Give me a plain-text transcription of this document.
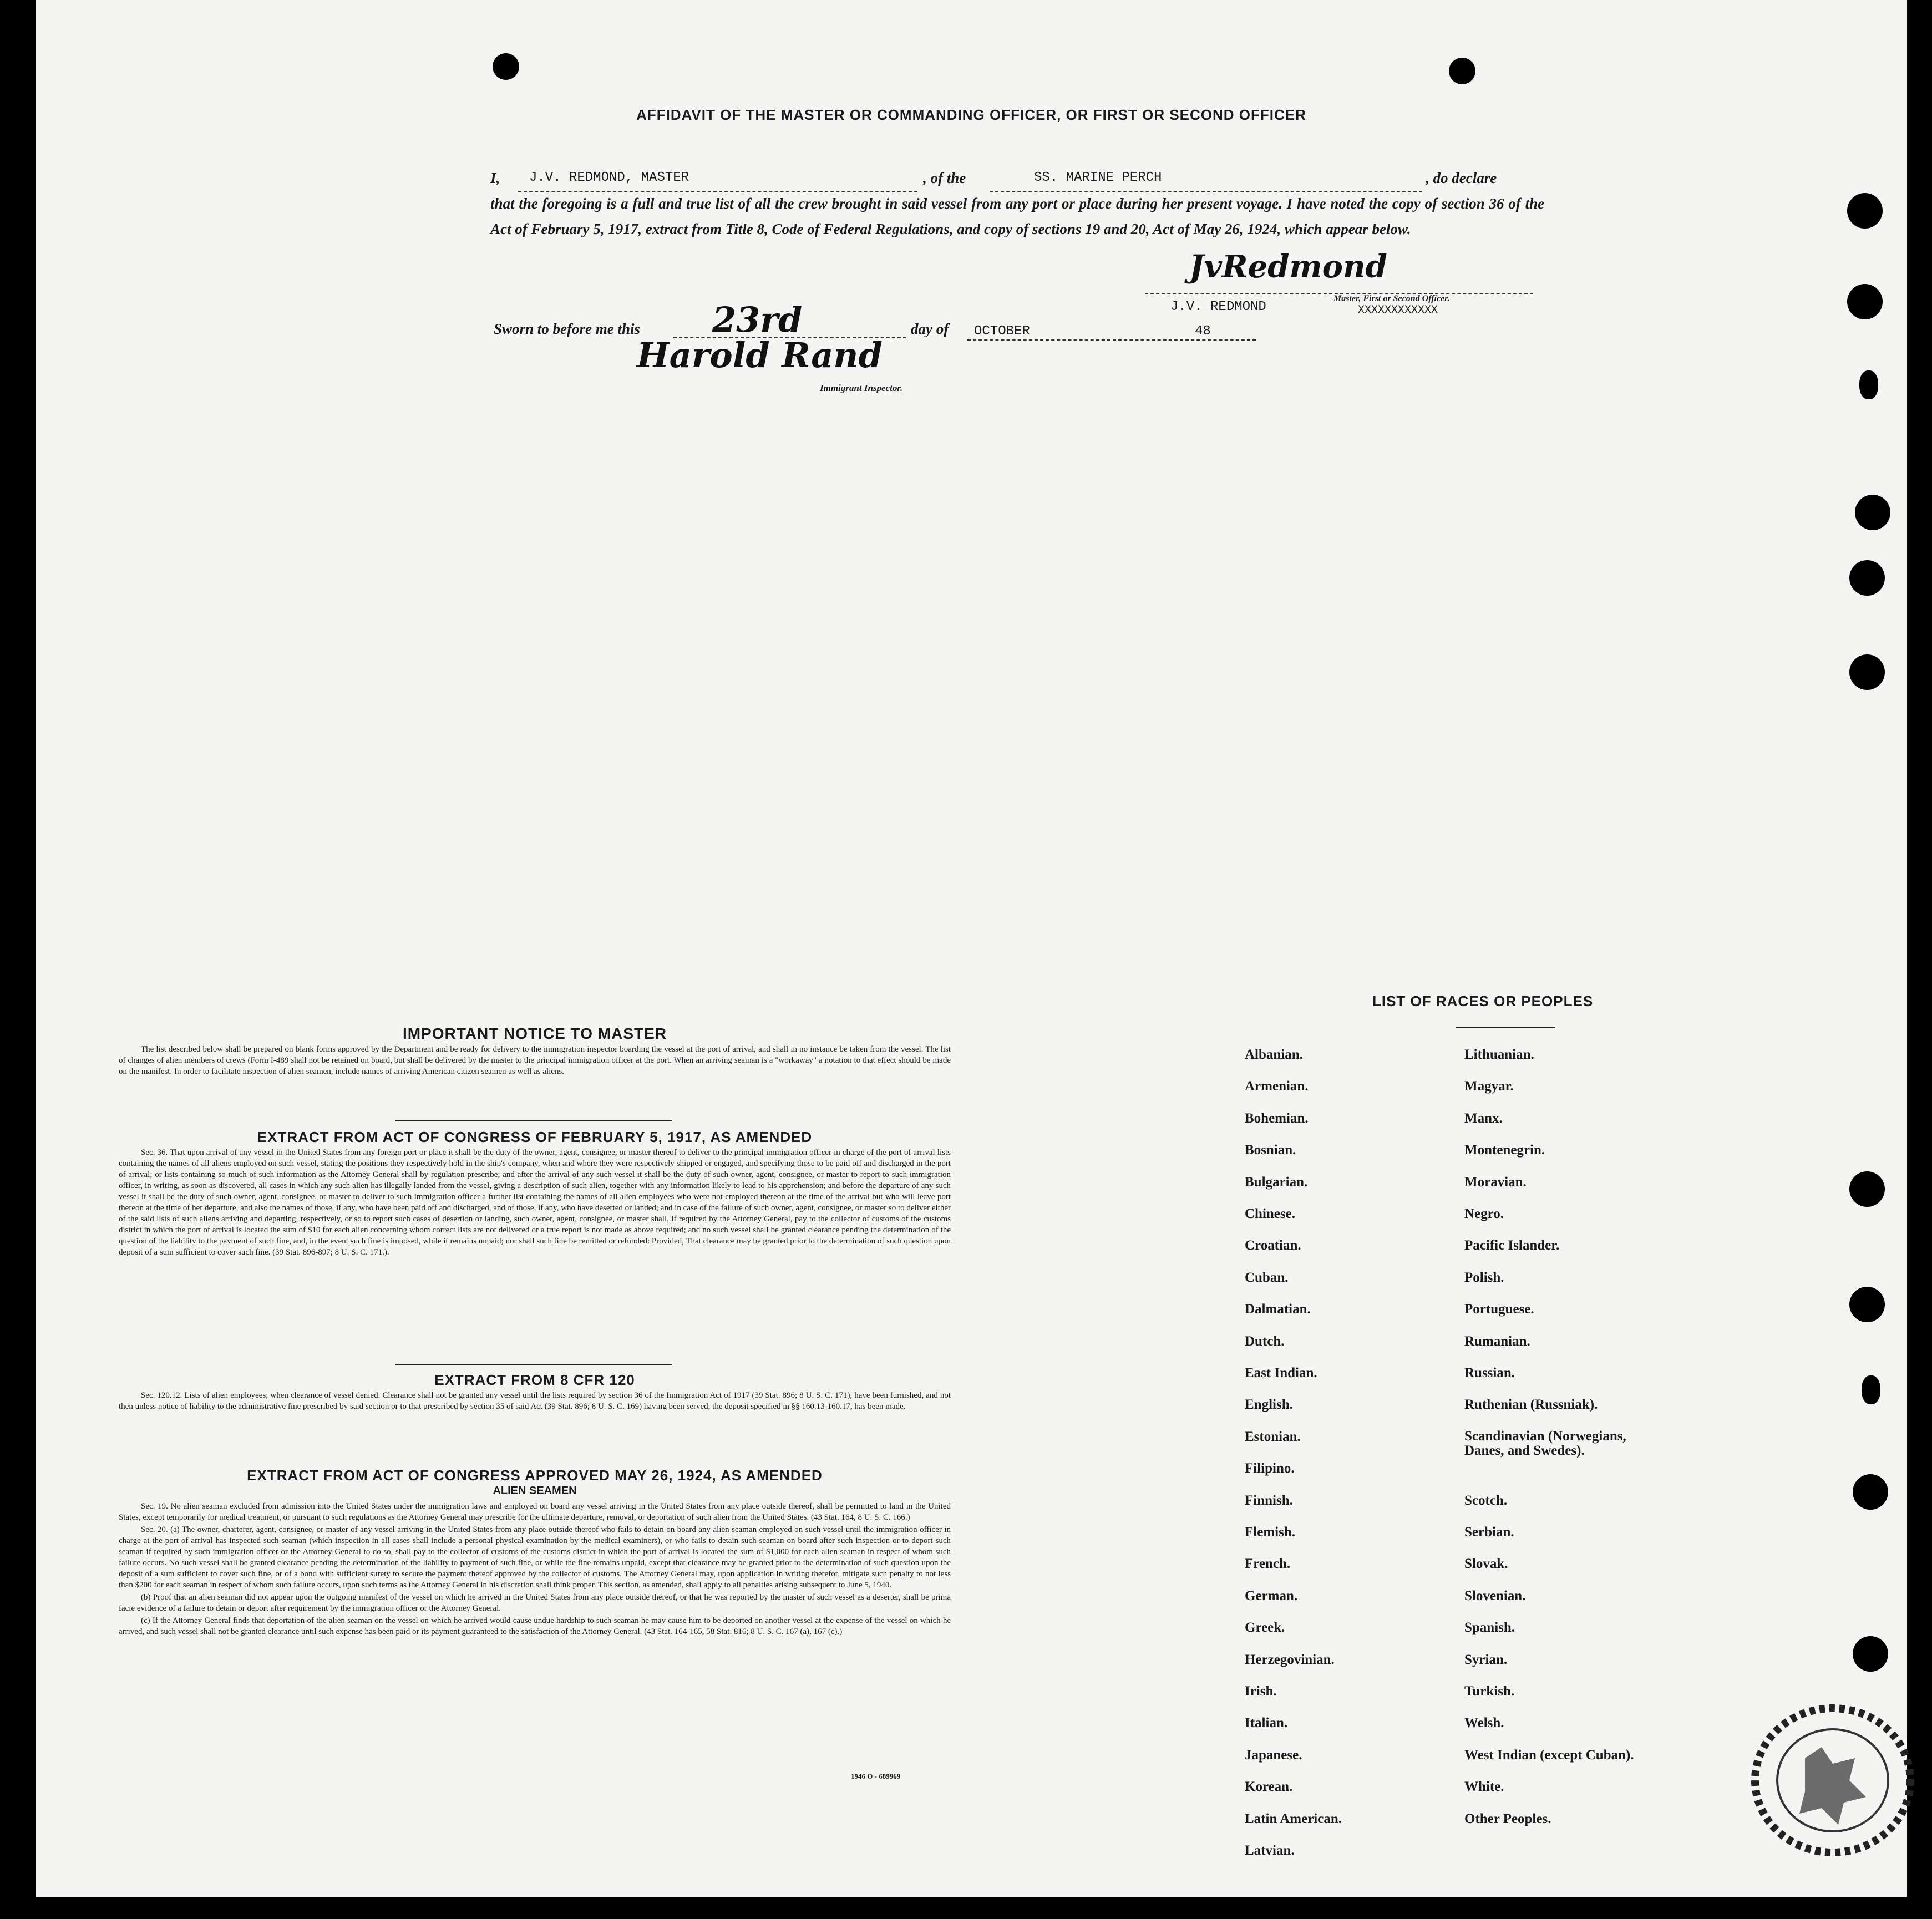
AFFIDAVIT OF THE MASTER OR COMMANDING OFFICER, OR FIRST OR SECOND OFFICER
I,	J.V. REDMOND, MASTER	, of the	SS. MARINE PERCH	, do declare
that the foregoing is a full and true list of all the crew brought in said vessel from any port or place during her present voyage. I have noted the copy of section 36 of the Act of February 5, 1917, extract from Title 8, Code of Federal Regulations, and copy of sections 19 and 20, Act of May 26, 1924, which appear below.
JvRedmond
J.V. REDMOND
Master, First or Second Officer.
XXXXXXXXXXXX
Sworn to before me this 23rd	day of OCTOBER	48
Harold Rand
Immigrant Inspector.
IMPORTANT NOTICE TO MASTER

The list described below shall be prepared on blank forms approved by the Department and be ready for delivery to the immigration inspector boarding the vessel at the port of arrival, and shall in no instance be taken from the vessel. The list of changes of alien members of crews (Form I-489 shall not be retained on board, but shall be delivered by the master to the principal immigration officer at the port. When an arriving seaman is a "workaway" a notation to that effect should be made on the manifest. In order to facilitate inspection of alien seamen, include names of arriving American citizen seamen as well as aliens.

EXTRACT FROM ACT OF CONGRESS OF FEBRUARY 5, 1917, AS AMENDED

Sec. 36. That upon arrival of any vessel in the United States from any foreign port or place it shall be the duty of the owner, agent, consignee, or master thereof to deliver to the principal immigration officer in charge of the port of arrival lists containing the names of all aliens employed on such vessel, stating the positions they respectively hold in the ship's company, when and where they were respectively shipped or engaged, and specifying those to be paid off and discharged in the port of arrival; or lists containing so much of such information as the Attorney General shall by regulation prescribe; and after the arrival of any such vessel it shall be the duty of such owner, agent, consignee, or master to report to such immigration officer, in writing, as soon as discovered, all cases in which any such alien has illegally landed from the vessel, giving a description of such alien, together with any information likely to lead to his apprehension; and before the departure of any such vessel it shall be the duty of such owner, agent, consignee, or master to deliver to such immigration officer a further list containing the names of all alien employees who were not employed thereon at the time of the arrival but who will leave port thereon at the time of her departure, and also the names of those, if any, who have been paid off and discharged, and of those, if any, who have deserted or landed; and in case of the failure of such owner, agent, consignee, or master so to deliver either of the said lists of such aliens arriving and departing, respectively, or so to report such cases of desertion or landing, such owner, agent, consignee, or master shall, if required by the Attorney General, pay to the collector of customs of the customs district in which the port of arrival is located the sum of $10 for each alien concerning whom correct lists are not delivered or a true report is not made as above required; and no such vessel shall be granted clearance pending the determination of the question of the liability to the payment of such fine, and, in the event such fine is imposed, while it remains unpaid; nor shall such fine be remitted or refunded: Provided, That clearance may be granted prior to the determination of such question upon deposit of a sum sufficient to cover such fine. (39 Stat. 896-897; 8 U. S. C. 171.).

EXTRACT FROM 8 CFR 120

Sec. 120.12. Lists of alien employees; when clearance of vessel denied. Clearance shall not be granted any vessel until the lists required by section 36 of the Immigration Act of 1917 (39 Stat. 896; 8 U. S. C. 171), have been furnished, and not then unless notice of liability to the administrative fine prescribed by said section or to that prescribed by section 35 of said Act (39 Stat. 896; 8 U. S. C. 169) having been served, the deposit specified in §§ 160.13-160.17, has been made.

EXTRACT FROM ACT OF CONGRESS APPROVED MAY 26, 1924, AS AMENDED
ALIEN SEAMEN

Sec. 19. No alien seaman excluded from admission into the United States under the immigration laws and employed on board any vessel arriving in the United States from any place outside thereof, shall be permitted to land in the United States, except temporarily for medical treatment, or pursuant to such regulations as the Attorney General may prescribe for the ultimate departure, removal, or deportation of such alien from the United States. (43 Stat. 164, 8 U. S. C. 166.)

Sec. 20. (a) The owner, charterer, agent, consignee, or master of any vessel arriving in the United States from any place outside thereof who fails to detain on board any alien seaman employed on such vessel until the immigration officer in charge at the port of arrival has inspected such seaman (which inspection in all cases shall include a personal physical examination by the medical examiners), or who fails to detain such seaman on board after such inspection or to deport such seaman if required by such immigration officer or the Attorney General to do so, shall pay to the collector of customs of the customs district in which the port of arrival is located the sum of $1,000 for each alien seaman in respect of whom such failure occurs. No such vessel shall be granted clearance pending the determination of the liability to payment of such fine, or while the fine remains unpaid, except that clearance may be granted prior to the determination of such question upon the deposit of a sum sufficient to cover such fine, or of a bond with sufficient surety to secure the payment thereof approved by the collector of customs. The Attorney General may, upon application in writing therefor, mitigate such penalty to not less than $200 for each seaman in respect of whom such failure occurs, upon such terms as the Attorney General in his discretion shall think proper. This section, as amended, shall apply to all penalties arising subsequent to June 5, 1940.

(b) Proof that an alien seaman did not appear upon the outgoing manifest of the vessel on which he arrived in the United States from any place outside thereof, or that he was reported by the master of such vessel as a deserter, shall be prima facie evidence of a failure to detain or deport after requirement by the immigration officer or the Attorney General.

(c) If the Attorney General finds that deportation of the alien seaman on the vessel on which he arrived would cause undue hardship to such seaman he may cause him to be deported on another vessel at the expense of the vessel on which he arrived, and such vessel shall not be granted clearance until such expense has been paid or its payment guaranteed to the satisfaction of the Attorney General. (43 Stat. 164-165, 58 Stat. 816; 8 U. S. C. 167 (a), 167 (c).)

1946 O - 689969
LIST OF RACES OR PEOPLES
Albanian.
Armenian.
Bohemian.
Bosnian.
Bulgarian.
Chinese.
Croatian.
Cuban.
Dalmatian.
Dutch.
East Indian.
English.
Estonian.
Filipino.
Finnish.
Flemish.
French.
German.
Greek.
Herzegovinian.
Irish.
Italian.
Japanese.
Korean.
Latin American.
Latvian.
Lithuanian.
Magyar.
Manx.
Montenegrin.
Moravian.
Negro.
Pacific Islander.
Polish.
Portuguese.
Rumanian.
Russian.
Ruthenian (Russniak).
Scandinavian (Norwegians, Danes, and Swedes).
Scotch.
Serbian.
Slovak.
Slovenian.
Spanish.
Syrian.
Turkish.
Welsh.
West Indian (except Cuban).
White.
Other Peoples.
